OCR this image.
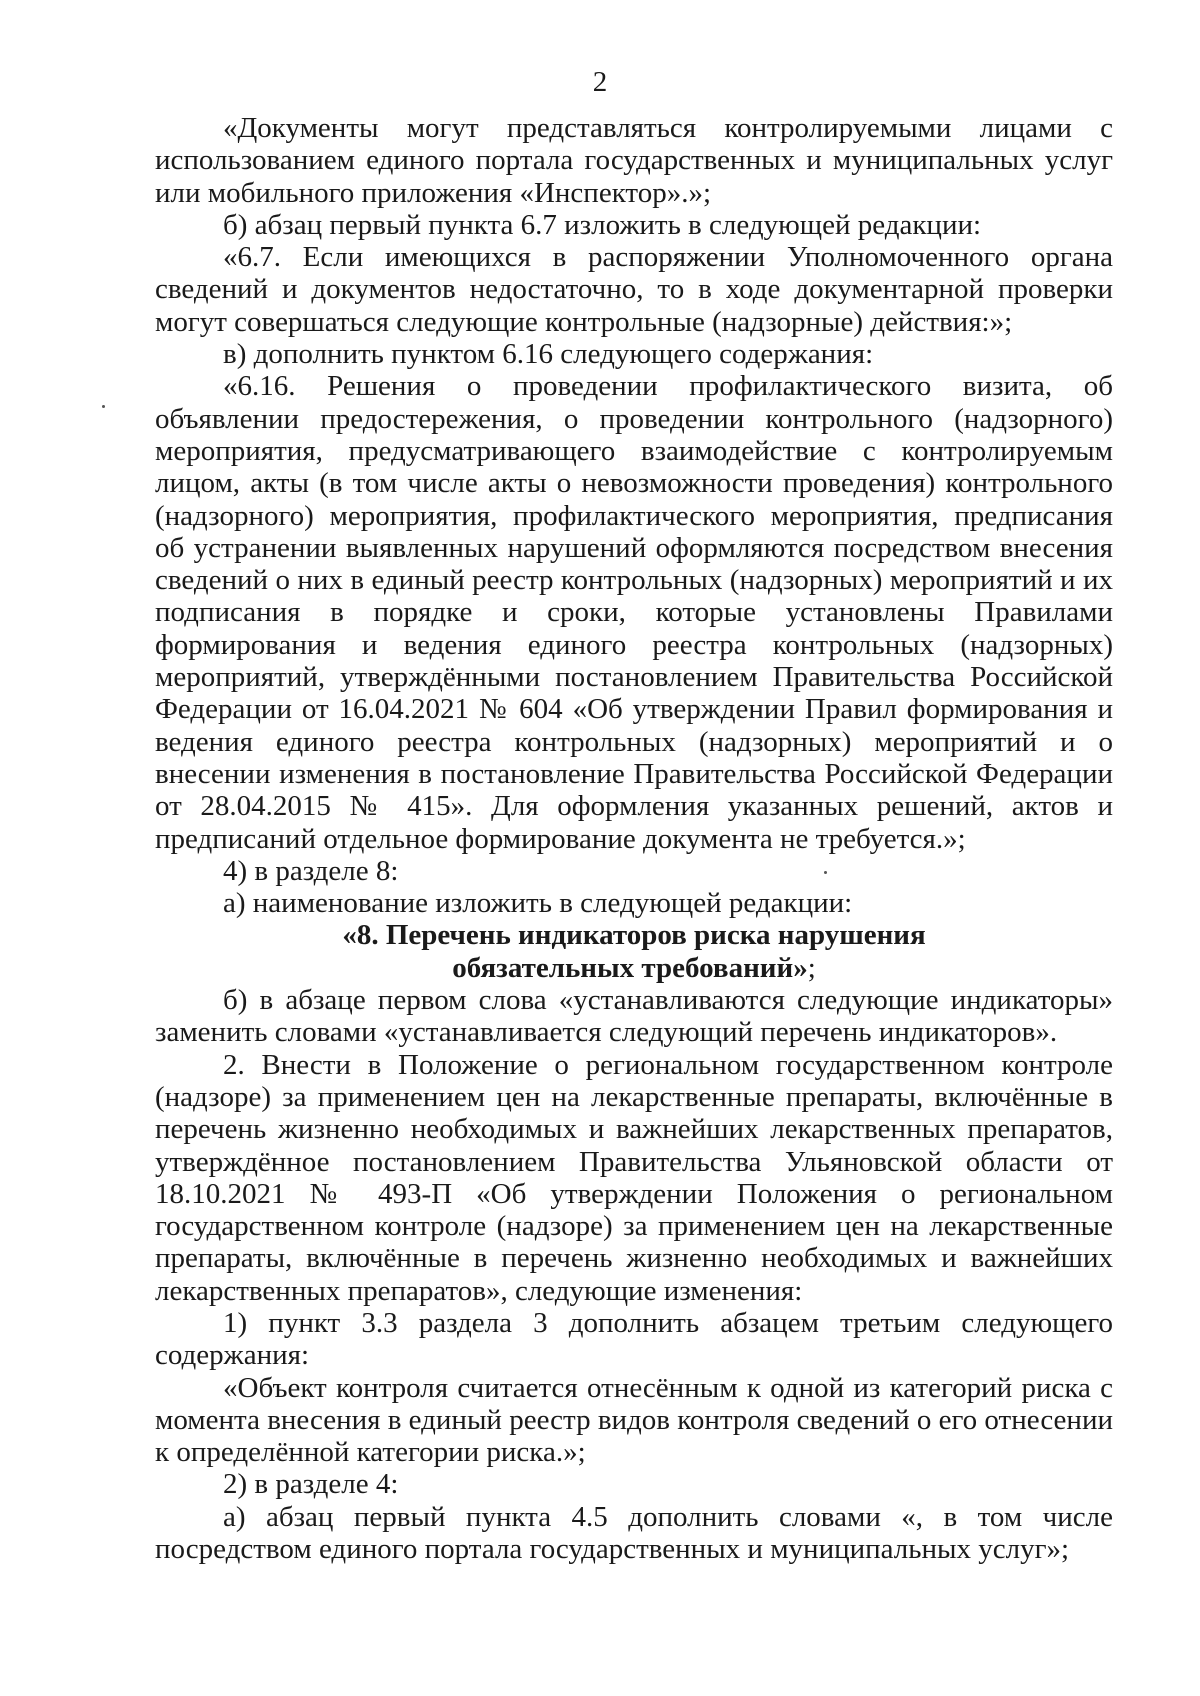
2

«Документы могут представляться контролируемыми лицами с использованием единого портала государственных и муниципальных услуг или мобильного приложения «Инспектор».»;

б) абзац первый пункта 6.7 изложить в следующей редакции:

«6.7. Если имеющихся в распоряжении Уполномоченного органа сведений и документов недостаточно, то в ходе документарной проверки могут совершаться следующие контрольные (надзорные) действия:»;

в) дополнить пунктом 6.16 следующего содержания:

«6.16. Решения о проведении профилактического визита, об объявлении предостережения, о проведении контрольного (надзорного) мероприятия, предусматривающего взаимодействие с контролируемым лицом, акты (в том числе акты о невозможности проведения) контрольного (надзорного) мероприятия, профилактического мероприятия, предписания об устранении выявленных нарушений оформляются посредством внесения сведений о них в единый реестр контрольных (надзорных) мероприятий и их подписания в порядке и сроки, которые установлены Правилами формирования и ведения единого реестра контрольных (надзорных) мероприятий, утверждёнными постановлением Правительства Российской Федерации от 16.04.2021 № 604 «Об утверждении Правил формирования и ведения единого реестра контрольных (надзорных) мероприятий и о внесении изменения в постановление Правительства Российской Федерации от 28.04.2015 № 415». Для оформления указанных решений, актов и предписаний отдельное формирование документа не требуется.»;

4) в разделе 8:

а) наименование изложить в следующей редакции:

«8. Перечень индикаторов риска нарушения обязательных требований»;

б) в абзаце первом слова «устанавливаются следующие индикаторы» заменить словами «устанавливается следующий перечень индикаторов».

2. Внести в Положение о региональном государственном контроле (надзоре) за применением цен на лекарственные препараты, включённые в перечень жизненно необходимых и важнейших лекарственных препаратов, утверждённое постановлением Правительства Ульяновской области от 18.10.2021 № 493-П «Об утверждении Положения о региональном государственном контроле (надзоре) за применением цен на лекарственные препараты, включённые в перечень жизненно необходимых и важнейших лекарственных препаратов», следующие изменения:

1) пункт 3.3 раздела 3 дополнить абзацем третьим следующего содержания:

«Объект контроля считается отнесённым к одной из категорий риска с момента внесения в единый реестр видов контроля сведений о его отнесении к определённой категории риска.»;

2) в разделе 4:

а) абзац первый пункта 4.5 дополнить словами «, в том числе посредством единого портала государственных и муниципальных услуг»;
